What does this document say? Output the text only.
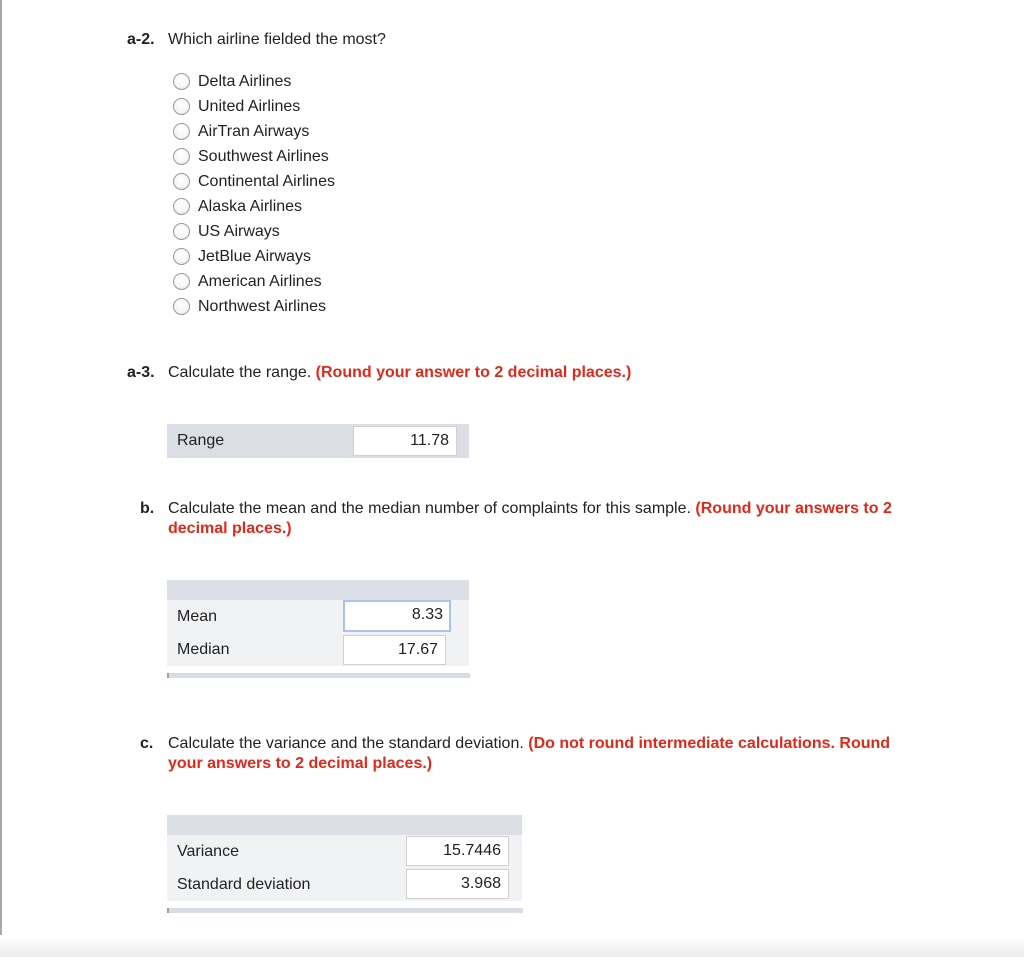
a-2. Which airline fielded the most?
Delta Airlines
United Airlines
AirTran Airways
Southwest Airlines
Continental Airlines
Alaska Airlines
US Airways
JetBlue Airways
American Airlines
Northwest Airlines
a-3. Calculate the range. (Round your answer to 2 decimal places.)
Range	11.78
b. Calculate the mean and the median number of complaints for this sample. (Round your answers to 2
decimal places.)
Mean	8.33
Median	17.67
c. Calculate the variance and the standard deviation. (Do not round intermediate calculations. Round
your answers to 2 decimal places.)
Variance	15.7446
Standard deviation	3.968
